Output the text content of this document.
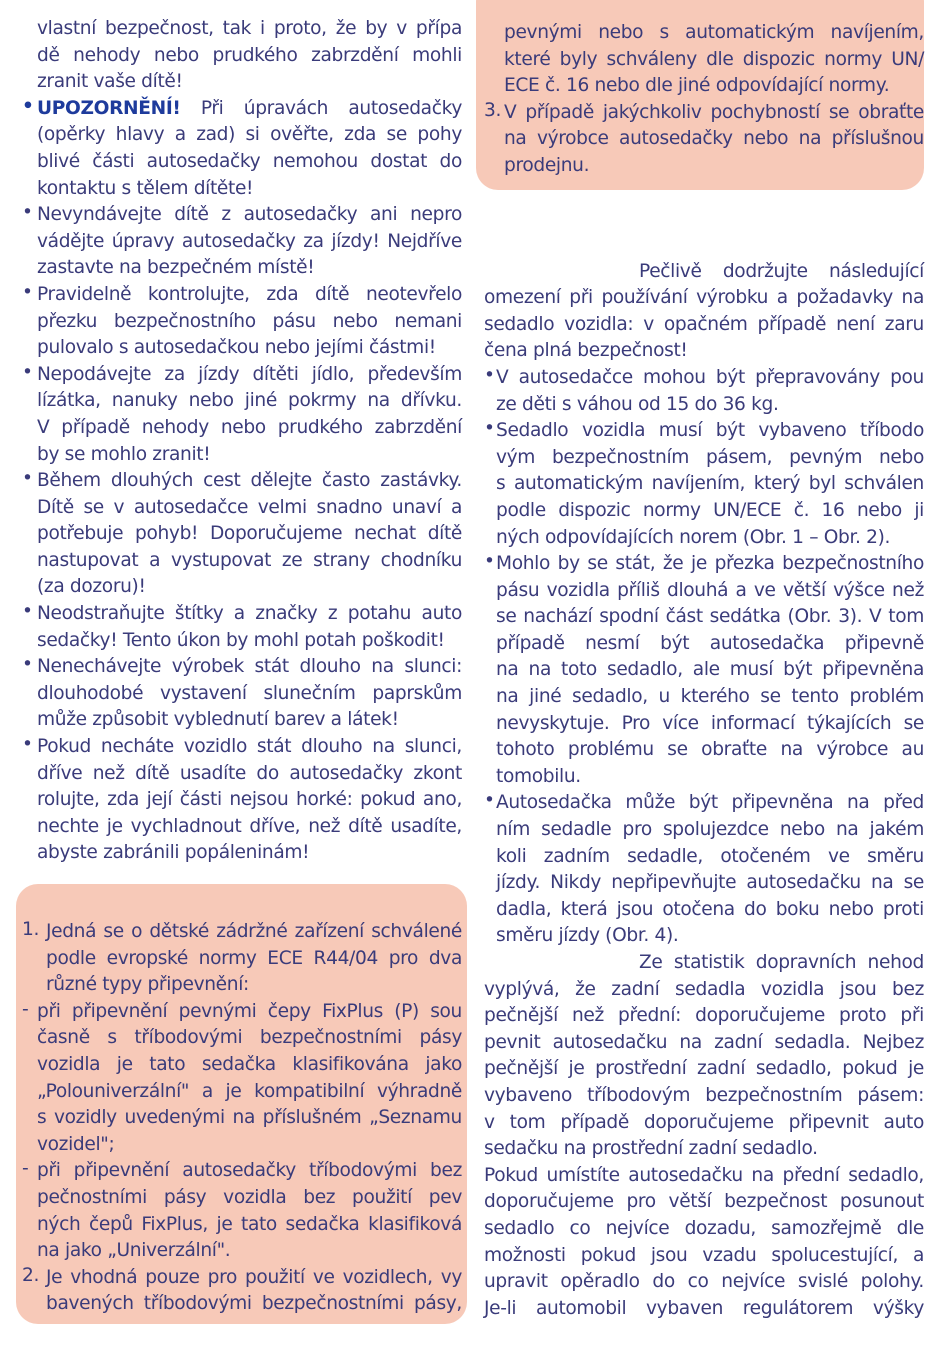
vlastní bezpečnost, tak i proto, že by v přípa
dě nehody nebo prudkého zabrzdění mohli
zranit vaše dítě!
• UPOZORNĚNÍ! Při úpravách autosedačky
(opěrky hlavy a zad) si ověřte, zda se pohy
blivé části autosedačky nemohou dostat do
kontaktu s tělem dítěte!
• Nevyndávejte dítě z autosedačky ani nepro
vádějte úpravy autosedačky za jízdy! Nejdříve
zastavte na bezpečném místě!
• Pravidelně kontrolujte, zda dítě neotevřelo
přezku bezpečnostního pásu nebo nemani
pulovalo s autosedačkou nebo jejími částmi!
• Nepodávejte za jízdy dítěti jídlo, především
lízátka, nanuky nebo jiné pokrmy na dřívku.
V případě nehody nebo prudkého zabrzdění
by se mohlo zranit!
• Během dlouhých cest dělejte často zastávky.
Dítě se v autosedačce velmi snadno unaví a
potřebuje pohyb! Doporučujeme nechat dítě
nastupovat a vystupovat ze strany chodníku
(za dozoru)!
• Neodstraňujte štítky a značky z potahu auto
sedačky! Tento úkon by mohl potah poškodit!
• Nenechávejte výrobek stát dlouho na slunci:
dlouhodobé vystavení slunečním paprskům
může způsobit vyblednutí barev a látek!
• Pokud necháte vozidlo stát dlouho na slunci,
dříve než dítě usadíte do autosedačky zkont
rolujte, zda její části nejsou horké: pokud ano,
nechte je vychladnout dříve, než dítě usadíte,
abyste zabránili popáleninám!
1. Jedná se o dětské zádržné zařízení schválené
podle evropské normy ECE R44/04 pro dva
různé typy připevnění:
- při připevnění pevnými čepy FixPlus (P) sou
časně s tříbodovými bezpečnostními pásy
vozidla je tato sedačka klasifikována jako
„Polouniverzální" a je kompatibilní výhradně
s vozidly uvedenými na příslušném „Seznamu
vozidel";
- při připevnění autosedačky tříbodovými bez
pečnostními pásy vozidla bez použití pev
ných čepů FixPlus, je tato sedačka klasifiková
na jako „Univerzální".
2. Je vhodná pouze pro použití ve vozidlech, vy
bavených tříbodovými bezpečnostními pásy,
pevnými nebo s automatickým navíjením,
které byly schváleny dle dispozic normy UN/
ECE č. 16 nebo dle jiné odpovídající normy.
3. V případě jakýchkoliv pochybností se obraťte
na výrobce autosedačky nebo na příslušnou
prodejnu.
Pečlivě dodržujte následující
omezení při používání výrobku a požadavky na
sedadlo vozidla: v opačném případě není zaru
čena plná bezpečnost!
• V autosedačce mohou být přepravovány pou
ze děti s váhou od 15 do 36 kg.
• Sedadlo vozidla musí být vybaveno tříbodo
vým bezpečnostním pásem, pevným nebo
s automatickým navíjením, který byl schválen
podle dispozic normy UN/ECE č. 16 nebo ji
ných odpovídajících norem (Obr. 1 – Obr. 2).
• Mohlo by se stát, že je přezka bezpečnostního
pásu vozidla příliš dlouhá a ve větší výšce než
se nachází spodní část sedátka (Obr. 3). V tom
případě nesmí být autosedačka připevně
na na toto sedadlo, ale musí být připevněna
na jiné sedadlo, u kterého se tento problém
nevyskytuje. Pro více informací týkajících se
tohoto problému se obraťte na výrobce au
tomobilu.
• Autosedačka může být připevněna na před
ním sedadle pro spolujezdce nebo na jakém
koli zadním sedadle, otočeném ve směru
jízdy. Nikdy nepřipevňujte autosedačku na se
dadla, která jsou otočena do boku nebo proti
směru jízdy (Obr. 4).
Ze statistik dopravních nehod
vyplývá, že zadní sedadla vozidla jsou bez
pečnější než přední: doporučujeme proto při
pevnit autosedačku na zadní sedadla. Nejbez
pečnější je prostřední zadní sedadlo, pokud je
vybaveno tříbodovým bezpečnostním pásem:
v tom případě doporučujeme připevnit auto
sedačku na prostřední zadní sedadlo.
Pokud umístíte autosedačku na přední sedadlo,
doporučujeme pro větší bezpečnost posunout
sedadlo co nejvíce dozadu, samozřejmě dle
možnosti pokud jsou vzadu spolucestující, a
upravit opěradlo do co nejvíce svislé polohy.
Je-li automobil vybaven regulátorem výšky
